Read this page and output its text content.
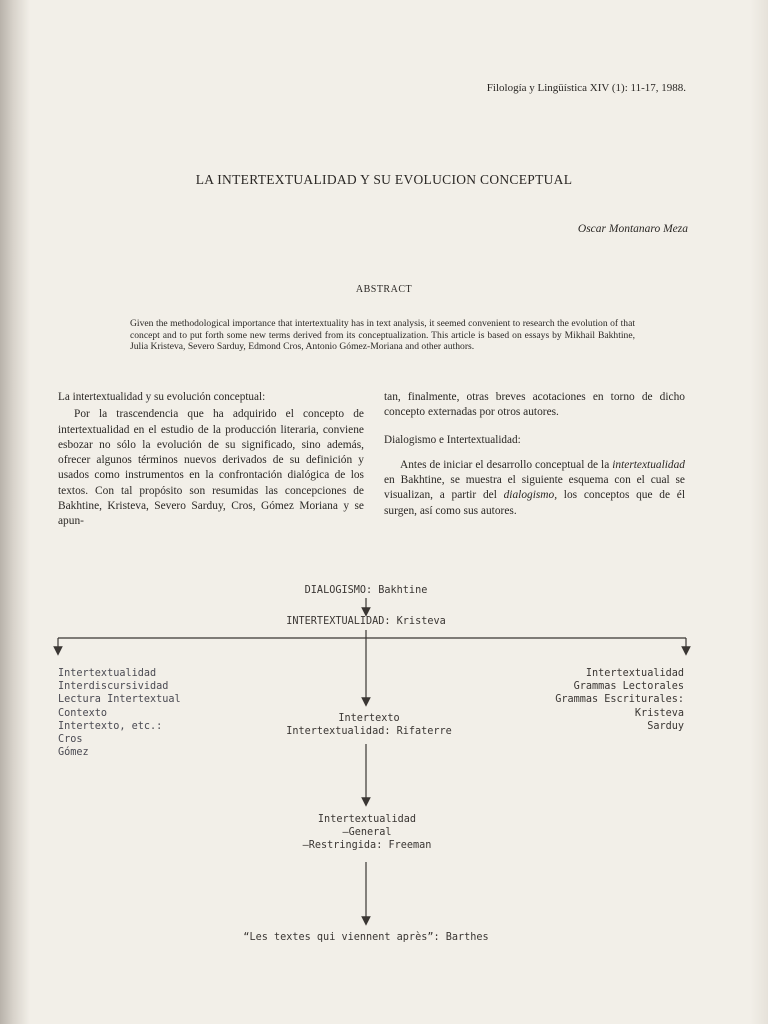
Filología y Lingüística XIV (1): 11-17, 1988.
LA INTERTEXTUALIDAD Y SU EVOLUCION CONCEPTUAL
Oscar Montanaro Meza
ABSTRACT
Given the methodological importance that intertextuality has in text analysis, it seemed convenient to research the evolution of that concept and to put forth some new terms derived from its conceptualization. This article is based on essays by Mikhail Bakhtine, Julia Kristeva, Severo Sarduy, Edmond Cros, Antonio Gómez-Moriana and other authors.

La intertextualidad y su evolución conceptual:

Por la trascendencia que ha adquirido el concepto de intertextualidad en el estudio de la producción literaria, conviene esbozar no sólo la evolución de su significado, sino además, ofrecer algunos términos nuevos derivados de su definición y usados como instrumentos en la confrontación dialógica de los textos. Con tal propósito son resumidas las concepciones de Bakhtine, Kristeva, Severo Sarduy, Cros, Gómez Moriana y se apun-

tan, finalmente, otras breves acotaciones en torno de dicho concepto externadas por otros autores.

Dialogismo e Intertextualidad:

Antes de iniciar el desarrollo conceptual de la intertextualidad en Bakhtine, se muestra el siguiente esquema con el cual se visualizan, a partir del dialogismo, los conceptos que de él surgen, así como sus autores.

DIALOGISMO: Bakhtine
INTERTEXTUALIDAD: Kristeva
Intertextualidad
Interdiscursividad
Lectura Intertextual
Contexto
Intertexto, etc.:
Cros
Gómez
Intertexto
Intertextualidad: Rifaterre
Intertextualidad
Grammas Lectorales
Grammas Escriturales:
Kristeva
Sarduy
Intertextualidad
–General
–Restringida: Freeman
“Les textes qui viennent après”: Barthes
